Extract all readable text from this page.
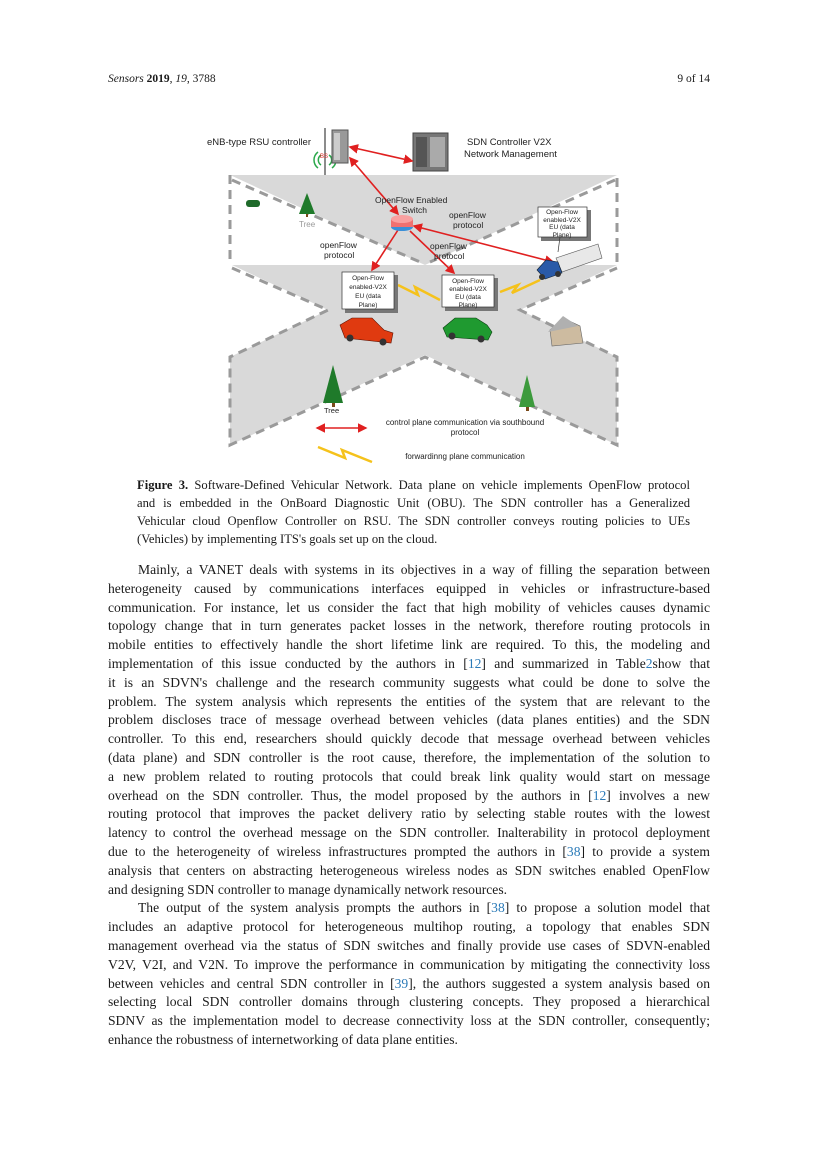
Sensors 2019, 19, 3788	9 of 14
BS
eNB-type RSU controller	SDN Controller V2X
Network Management
OpenFlow Enabled
Switch	openFlow
protocol
openFlow
protocol
openFlow
protocol
Tree
Tree
Open-Flow
enabled-V2X
EU (data
Plane)
Open-Flow
enabled-V2X
EU (data
Plane)
Open-Flow
enabled-V2X
EU (data
Plane)
control plane communication via southbound
protocol
forwardinng plane communication
Figure 3. Software-Defined Vehicular Network. Data plane on vehicle implements OpenFlow protocol
and is embedded in the OnBoard Diagnostic Unit (OBU). The SDN controller has a Generalized
Vehicular cloud Openflow Controller on RSU. The SDN controller conveys routing policies to UEs
(Vehicles) by implementing ITS's goals set up on the cloud.
Mainly, a VANET deals with systems in its objectives in a way of filling the separation between
heterogeneity caused by communications interfaces equipped in vehicles or infrastructure-based
communication. For instance, let us consider the fact that high mobility of vehicles causes dynamic
topology change that in turn generates packet losses in the network, therefore routing protocols in
mobile entities to effectively handle the short lifetime link are required. To this, the modeling and
implementation of this issue conducted by the authors in [12] and summarized in Table2show that
it is an SDVN's challenge and the research community suggests what could be done to solve the
problem. The system analysis which represents the entities of the system that are relevant to the
problem discloses trace of message overhead between vehicles (data planes entities) and the SDN
controller. To this end, researchers should quickly decode that message overhead between vehicles
(data plane) and SDN controller is the root cause, therefore, the implementation of the solution to
a new problem related to routing protocols that could break link quality would start on message
overhead on the SDN controller. Thus, the model proposed by the authors in [12] involves a new
routing protocol that improves the packet delivery ratio by selecting stable routes with the lowest
latency to control the overhead message on the SDN controller. Inalterability in protocol deployment
due to the heterogeneity of wireless infrastructures prompted the authors in [38] to provide a system
analysis that centers on abstracting heterogeneous wireless nodes as SDN switches enabled OpenFlow
and designing SDN controller to manage dynamically network resources.
The output of the system analysis prompts the authors in [38] to propose a solution model that
includes an adaptive protocol for heterogeneous multihop routing, a topology that enables SDN
management overhead via the status of SDN switches and finally provide use cases of SDVN-enabled
V2V, V2I, and V2N. To improve the performance in communication by mitigating the connectivity loss
between vehicles and central SDN controller in [39], the authors suggested a system analysis based on
selecting local SDN controller domains through clustering concepts. They proposed a hierarchical
SDNV as the implementation model to decrease connectivity loss at the SDN controller, consequently;
enhance the robustness of internetworking of data plane entities.
